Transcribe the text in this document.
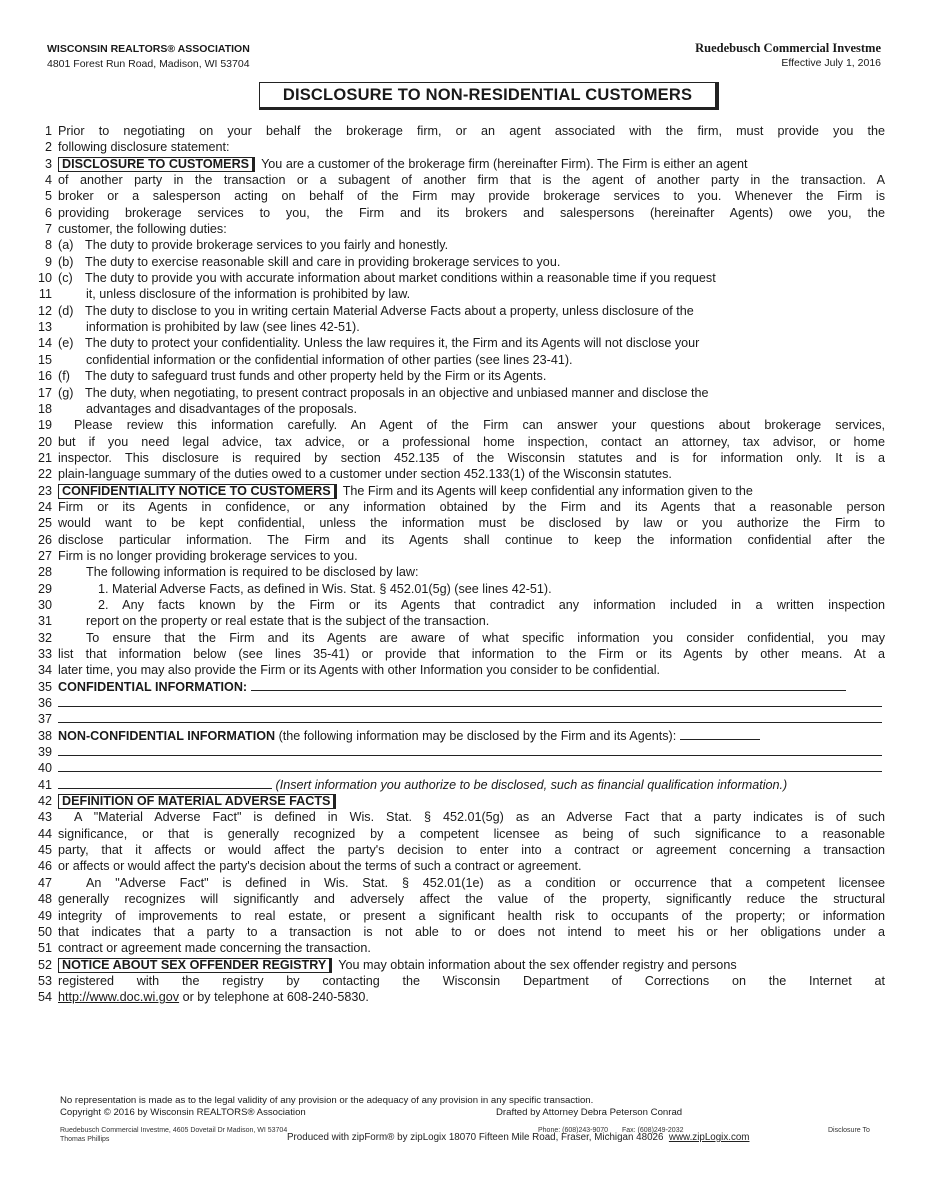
WISCONSIN REALTORS® ASSOCIATION
4801 Forest Run Road, Madison, WI 53704
Ruedebusch Commercial Investme
Effective July 1, 2016
DISCLOSURE TO NON-RESIDENTIAL CUSTOMERS
1 Prior to negotiating on your behalf the brokerage firm, or an agent associated with the firm, must provide you the
2 following disclosure statement:
3 DISCLOSURE TO CUSTOMERS You are a customer of the brokerage firm (hereinafter Firm). The Firm is either an agent
4 of another party in the transaction or a subagent of another firm that is the agent of another party in the transaction. A
5 broker or a salesperson acting on behalf of the Firm may provide brokerage services to you. Whenever the Firm is
6 providing brokerage services to you, the Firm and its brokers and salespersons (hereinafter Agents) owe you, the
7 customer, the following duties:
8 (a) The duty to provide brokerage services to you fairly and honestly.
9 (b) The duty to exercise reasonable skill and care in providing brokerage services to you.
10 (c) The duty to provide you with accurate information about market conditions within a reasonable time if you request
11	it, unless disclosure of the information is prohibited by law.
12 (d) The duty to disclose to you in writing certain Material Adverse Facts about a property, unless disclosure of the
13	information is prohibited by law (see lines 42-51).
14 (e) The duty to protect your confidentiality. Unless the law requires it, the Firm and its Agents will not disclose your
15	confidential information or the confidential information of other parties (see lines 23-41).
16 (f) The duty to safeguard trust funds and other property held by the Firm or its Agents.
17 (g) The duty, when negotiating, to present contract proposals in an objective and unbiased manner and disclose the
18	advantages and disadvantages of the proposals.
19 Please review this information carefully. An Agent of the Firm can answer your questions about brokerage services,
20 but if you need legal advice, tax advice, or a professional home inspection, contact an attorney, tax advisor, or home
21 inspector. This disclosure is required by section 452.135 of the Wisconsin statutes and is for information only. It is a
22 plain-language summary of the duties owed to a customer under section 452.133(1) of the Wisconsin statutes.
23 CONFIDENTIALITY NOTICE TO CUSTOMERS The Firm and its Agents will keep confidential any information given to the
24 Firm or its Agents in confidence, or any information obtained by the Firm and its Agents that a reasonable person
25 would want to be kept confidential, unless the information must be disclosed by law or you authorize the Firm to
26 disclose particular information. The Firm and its Agents shall continue to keep the information confidential after the
27 Firm is no longer providing brokerage services to you.
28	The following information is required to be disclosed by law:
29	1. Material Adverse Facts, as defined in Wis. Stat. § 452.01(5g) (see lines 42-51).
30	2. Any facts known by the Firm or its Agents that contradict any information included in a written inspection
31	report on the property or real estate that is the subject of the transaction.
32	To ensure that the Firm and its Agents are aware of what specific information you consider confidential, you may
33 list that information below (see lines 35-41) or provide that information to the Firm or its Agents by other means. At a
34 later time, you may also provide the Firm or its Agents with other Information you consider to be confidential.
35 CONFIDENTIAL INFORMATION:
36
37
38 NON-CONFIDENTIAL INFORMATION (the following information may be disclosed by the Firm and its Agents):
39
40
41	(Insert information you authorize to be disclosed, such as financial qualification information.)
42 DEFINITION OF MATERIAL ADVERSE FACTS
43 A "Material Adverse Fact" is defined in Wis. Stat. § 452.01(5g) as an Adverse Fact that a party indicates is of such
44 significance, or that is generally recognized by a competent licensee as being of such significance to a reasonable
45 party, that it affects or would affect the party's decision to enter into a contract or agreement concerning a transaction
46 or affects or would affect the party's decision about the terms of such a contract or agreement.
47	An "Adverse Fact" is defined in Wis. Stat. § 452.01(1e) as a condition or occurrence that a competent licensee
48 generally recognizes will significantly and adversely affect the value of the property, significantly reduce the structural
49 integrity of improvements to real estate, or present a significant health risk to occupants of the property; or information
50 that indicates that a party to a transaction is not able to or does not intend to meet his or her obligations under a
51 contract or agreement made concerning the transaction.
52 NOTICE ABOUT SEX OFFENDER REGISTRY You may obtain information about the sex offender registry and persons
53 registered with the registry by contacting the Wisconsin Department of Corrections on the Internet at
54 http://www.doc.wi.gov or by telephone at 608-240-5830.
No representation is made as to the legal validity of any provision or the adequacy of any provision in any specific transaction.
Copyright © 2016 by Wisconsin REALTORS® Association	Drafted by Attorney Debra Peterson Conrad
Ruedebusch Commercial Investme, 4605 Dovetail Dr Madison, WI 53704
Thomas Phillips
Phone: (608)243-9070 Fax: (608)249-2032	Disclosure To
Produced with zipForm® by zipLogix 18070 Fifteen Mile Road, Fraser, Michigan 48026 www.zipLogix.com
